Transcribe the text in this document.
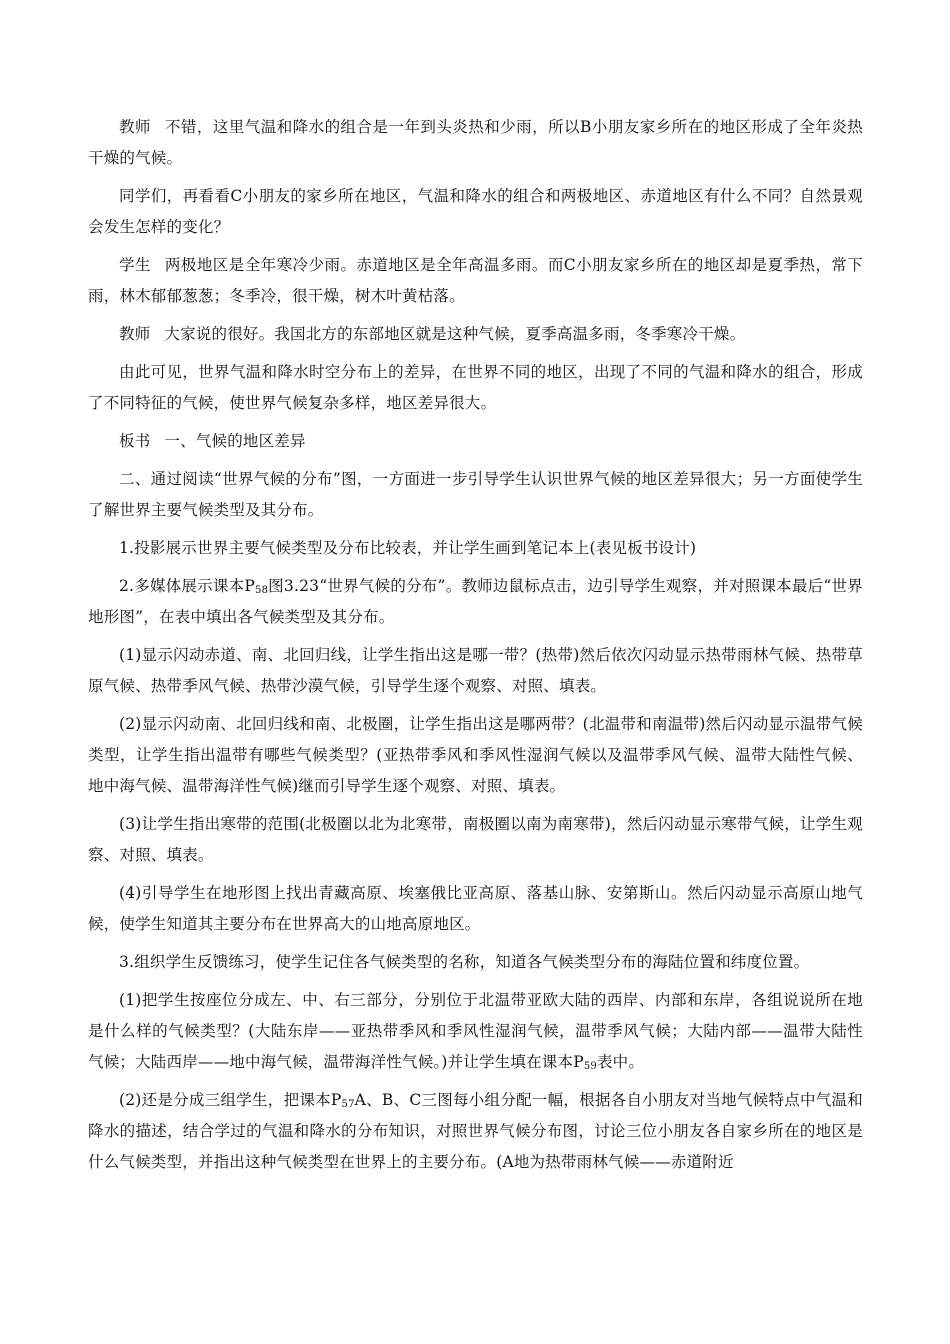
教师 不错，这里气温和降水的组合是一年到头炎热和少雨，所以B小朋友家乡所在的地区形成了全年炎热干燥的气候。

同学们，再看看C小朋友的家乡所在地区，气温和降水的组合和两极地区、赤道地区有什么不同？自然景观会发生怎样的变化？

学生 两极地区是全年寒冷少雨。赤道地区是全年高温多雨。而C小朋友家乡所在的地区却是夏季热，常下雨，林木郁郁葱葱；冬季冷，很干燥，树木叶黄枯落。

教师 大家说的很好。我国北方的东部地区就是这种气候，夏季高温多雨，冬季寒冷干燥。

由此可见，世界气温和降水时空分布上的差异，在世界不同的地区，出现了不同的气温和降水的组合，形成了不同特征的气候，使世界气候复杂多样，地区差异很大。

板书 一、气候的地区差异

二、通过阅读“世界气候的分布”图，一方面进一步引导学生认识世界气候的地区差异很大；另一方面使学生了解世界主要气候类型及其分布。

1.投影展示世界主要气候类型及分布比较表，并让学生画到笔记本上(表见板书设计)

2.多媒体展示课本$P_{58}$图3.23“世界气候的分布”。教师边鼠标点击，边引导学生观察，并对照课本最后“世界地形图”，在表中填出各气候类型及其分布。

(1)显示闪动赤道、南、北回归线，让学生指出这是哪一带？(热带)然后依次闪动显示热带雨林气候、热带草原气候、热带季风气候、热带沙漠气候，引导学生逐个观察、对照、填表。

(2)显示闪动南、北回归线和南、北极圈，让学生指出这是哪两带？(北温带和南温带)然后闪动显示温带气候类型，让学生指出温带有哪些气候类型？(亚热带季风和季风性湿润气候以及温带季风气候、温带大陆性气候、地中海气候、温带海洋性气候)继而引导学生逐个观察、对照、填表。

(3)让学生指出寒带的范围(北极圈以北为北寒带，南极圈以南为南寒带)，然后闪动显示寒带气候，让学生观察、对照、填表。

(4)引导学生在地形图上找出青藏高原、埃塞俄比亚高原、落基山脉、安第斯山。然后闪动显示高原山地气候，使学生知道其主要分布在世界高大的山地高原地区。

3.组织学生反馈练习，使学生记住各气候类型的名称，知道各气候类型分布的海陆位置和纬度位置。

(1)把学生按座位分成左、中、右三部分，分别位于北温带亚欧大陆的西岸、内部和东岸，各组说说所在地是什么样的气候类型？(大陆东岸——亚热带季风和季风性湿润气候，温带季风气候；大陆内部——温带大陆性气候；大陆西岸——地中海气候，温带海洋性气候。)并让学生填在课本$P_{59}$表中。

(2)还是分成三组学生，把课本$P_{57}A$、B、C三图每小组分配一幅，根据各自小朋友对当地气候特点中气温和降水的描述，结合学过的气温和降水的分布知识，对照世界气候分布图，讨论三位小朋友各自家乡所在的地区是什么气候类型，并指出这种气候类型在世界上的主要分布。(A地为热带雨林气候——赤道附近
